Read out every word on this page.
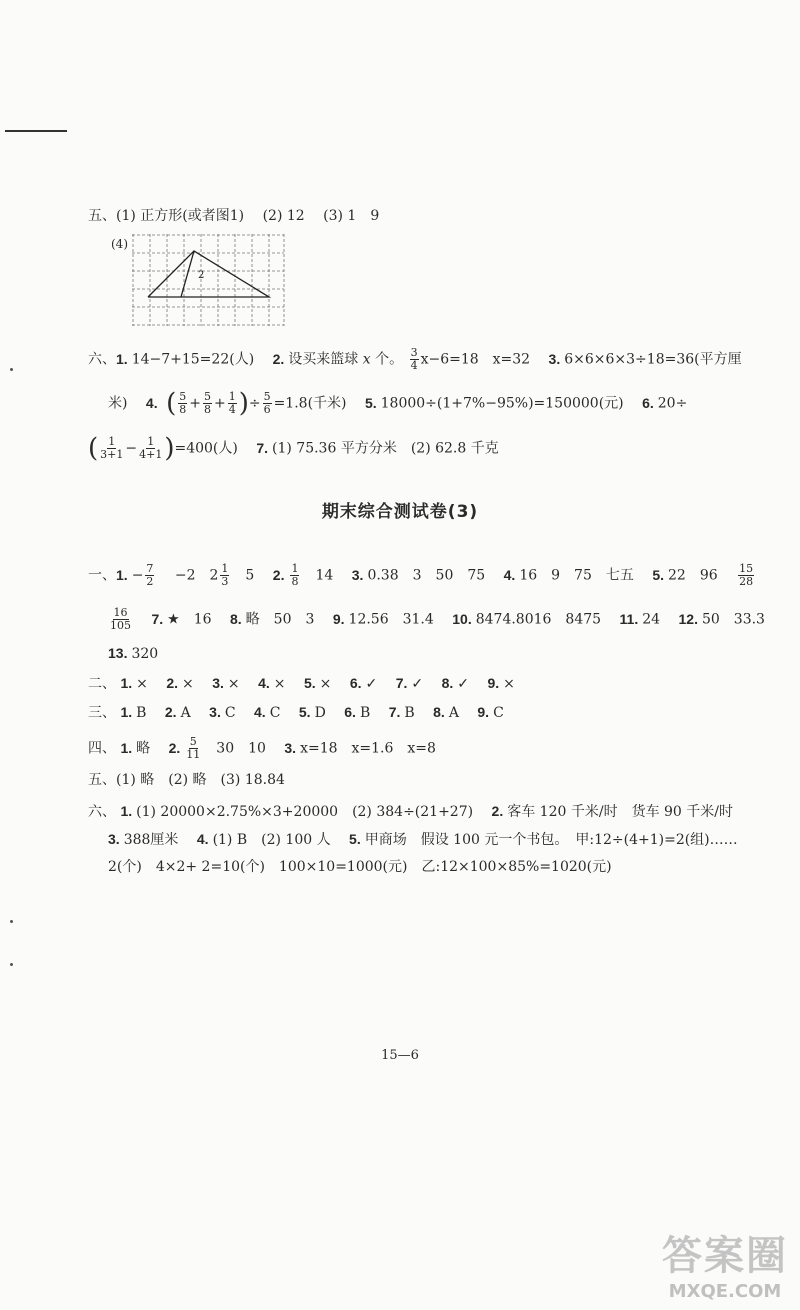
五、(1) 正方形(或者图1) (2) 12 (3) 1　9
(4)
2
六、1. 14−7+15=22(人) 2. 设买来篮球 x 个。 $\frac{3}{4} x-6=18$　x=32 3. 6×6×6×3÷18=36(平方厘
米) 4. ( $\frac{5}{8} + \frac{5}{8} + \frac{1}{4}$ )÷ $\frac{5}{6} =1.8$(千米) 5. 18000÷(1+7%−95%)=150000(元) 6. 20÷
( $\frac{1}{3+1} - \frac{1}{4+1} )=400$(人) 7. (1) 75.36 平方分米　(2) 62.8 千克
期末综合测试卷(3)
一、1. − $\frac{7}{2} -2$　$2 \frac{1}{3} 5$ 2. $\frac{1}{8} 14$ 3. 0.38　3　50　75 4. 16　9　75　七五 5. 22　$96 \frac{15}{28}$
$\frac{16}{105} 7$. ★　16 8. 略　50　3 9. 12.56　31.4 10. 8474.8016　8475 11. 24 12. 50　33.3
13. 320
二、 1. × 2. × 3. × 4. × 5. × 6. ✓ 7. ✓ 8. ✓ 9. ×
三、 1. B 2. A 3. C 4. C 5. D 6. B 7. B 8. A 9. C
四、 1. 略 2. $\frac{5}{11} 30$　10 3. x=18　x=1.6　x=8
五、(1) 略　(2) 略　(3) 18.84
六、 1. (1) 20000×2.75%×3+20000　(2) 384÷(21+27) 2. 客车 120 千米/时　货车 90 千米/时
3. 388厘米 4. (1) B　(2) 100 人 5. 甲商场　假设 100 元一个书包。　甲:12÷(4+1)=2(组)……
2(个)　4×2+ 2=10(个)　100×10=1000(元)　乙:12×100×85%=1020(元)
15—6
答案圈
MXQE.COM
